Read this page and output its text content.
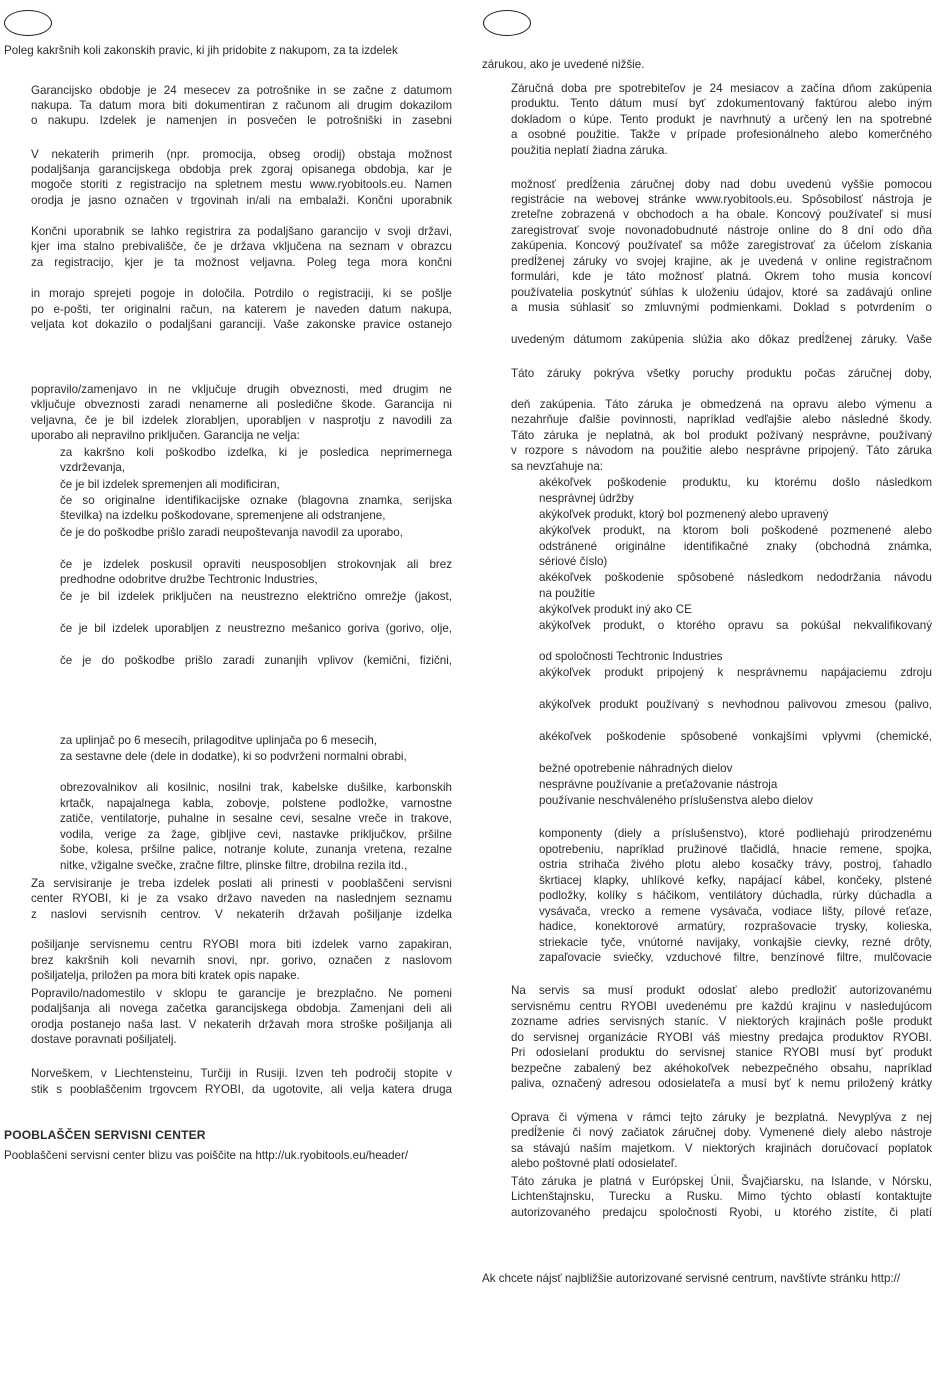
Poleg kakršnih koli zakonskih pravic, ki jih pridobite z nakupom, za ta izdelek
Garancijsko obdobje je 24 mesecev za potrošnike in se začne z datumom
nakupa. Ta datum mora biti dokumentiran z računom ali drugim dokazilom
o nakupu. Izdelek je namenjen in posvečen le potrošniški in zasebni
V nekaterih primerih (npr. promocija, obseg orodij) obstaja možnost
podaljšanja garancijskega obdobja prek zgoraj opisanega obdobja, kar je
mogoče storiti z registracijo na spletnem mestu www.ryobitools.eu. Namen
orodja je jasno označen v trgovinah in/ali na embalaži. Končni uporabnik
Končni uporabnik se lahko registrira za podaljšano garancijo v svoji državi,
kjer ima stalno prebivališče, če je država vključena na seznam v obrazcu
za registracijo, kjer je ta možnost veljavna. Poleg tega mora končni
in morajo sprejeti pogoje in določila. Potrdilo o registraciji, ki se pošlje
po e-pošti, ter originalni račun, na katerem je naveden datum nakupa,
veljata kot dokazilo o podaljšani garanciji. Vaše zakonske pravice ostanejo
popravilo/zamenjavo in ne vključuje drugih obveznosti, med drugim ne
vključuje obveznosti zaradi nenamerne ali posledične škode. Garancija ni
veljavna, če je bil izdelek zlorabljen, uporabljen v nasprotju z navodili za
uporabo ali nepravilno priključen. Garancija ne velja:
za kakršno koli poškodbo izdelka, ki je posledica neprimernega
vzdrževanja,
če je bil izdelek spremenjen ali modificiran,
če so originalne identifikacijske oznake (blagovna znamka, serijska
številka) na izdelku poškodovane, spremenjene ali odstranjene,
če je do poškodbe prišlo zaradi neupoštevanja navodil za uporabo,
če je izdelek poskusil opraviti neusposobljen strokovnjak ali brez
predhodne odobritve družbe Techtronic Industries,
če je bil izdelek priključen na neustrezno električno omrežje (jakost,
če je bil izdelek uporabljen z neustrezno mešanico goriva (gorivo, olje,
če je do poškodbe prišlo zaradi zunanjih vplivov (kemični, fizični,
za uplinjač po 6 mesecih, prilagoditve uplinjača po 6 mesecih,
za sestavne dele (dele in dodatke), ki so podvrženi normalni obrabi,
obrezovalnikov ali kosilnic, nosilni trak, kabelske dušilke, karbonskih
krtačk, napajalnega kabla, zobovje, polstene podložke, varnostne
zatiče, ventilatorje, puhalne in sesalne cevi, sesalne vreče in trakove,
vodila, verige za žage, gibljive cevi, nastavke priključkov, pršilne
šobe, kolesa, pršilne palice, notranje kolute, zunanja vretena, rezalne
nitke, vžigalne svečke, zračne filtre, plinske filtre, drobilna rezila itd.,
Za servisiranje je treba izdelek poslati ali prinesti v pooblaščeni servisni
center RYOBI, ki je za vsako državo naveden na naslednjem seznamu
z naslovi servisnih centrov. V nekaterih državah pošiljanje izdelka
pošiljanje servisnemu centru RYOBI mora biti izdelek varno zapakiran,
brez kakršnih koli nevarnih snovi, npr. gorivo, označen z naslovom
pošiljatelja, priložen pa mora biti kratek opis napake.
Popravilo/nadomestilo v sklopu te garancije je brezplačno. Ne pomeni
podaljšanja ali novega začetka garancijskega obdobja. Zamenjani deli ali
orodja postanejo naša last. V nekaterih državah mora stroške pošiljanja ali
dostave poravnati pošiljatelj.
Norveškem, v Liechtensteinu, Turčiji in Rusiji. Izven teh področij stopite v
stik s pooblaščenim trgovcem RYOBI, da ugotovite, ali velja katera druga
POOBLAŠČEN SERVISNI CENTER
Pooblaščeni servisni center blizu vas poiščite na http://uk.ryobitools.eu/header/
zárukou, ako je uvedené nižšie.
Záručná doba pre spotrebiteľov je 24 mesiacov a začína dňom zakúpenia
produktu. Tento dátum musí byť zdokumentovaný faktúrou alebo iným
dokladom o kúpe. Tento produkt je navrhnutý a určený len na spotrebné
a osobné použitie. Takže v prípade profesionálneho alebo komerčného
použitia neplatí žiadna záruka.
možnosť predĺženia záručnej doby nad dobu uvedenú vyššie pomocou
registrácie na webovej stránke www.ryobitools.eu. Spôsobilosť nástroja je
zreteľne zobrazená v obchodoch a ha obale. Koncový používateľ si musí
zaregistrovať svoje novonadobudnuté nástroje online do 8 dní odo dňa
zakúpenia. Koncový používateľ sa môže zaregistrovať za účelom získania
predĺženej záruky vo svojej krajine, ak je uvedená v online registračnom
formulári, kde je táto možnosť platná. Okrem toho musia koncoví
používatelia poskytnúť súhlas k uloženiu údajov, ktoré sa zadávajú online
a musia súhlasiť so zmluvnými podmienkami. Doklad s potvrdením o
uvedeným dátumom zakúpenia slúžia ako dôkaz predĺženej záruky. Vaše
Táto záruky pokrýva všetky poruchy produktu počas záručnej doby,
deň zakúpenia. Táto záruka je obmedzená na opravu alebo výmenu a
nezahrňuje ďalšie povinnosti, napríklad vedľajšie alebo následné škody.
Táto záruka je neplatná, ak bol produkt požívaný nesprávne, používaný
v rozpore s návodom na použitie alebo nesprávne pripojený. Táto záruka
sa nevzťahuje na:
akékoľvek poškodenie produktu, ku ktorému došlo následkom
nesprávnej údržby
akýkoľvek produkt, ktorý bol pozmenený alebo upravený
akýkoľvek produkt, na ktorom boli poškodené pozmenené alebo
odstránené originálne identifikačné znaky (obchodná známka,
sériové číslo)
akékoľvek poškodenie spôsobené následkom nedodržania návodu
na použitie
akýkoľvek produkt iný ako CE
akýkoľvek produkt, o ktorého opravu sa pokúšal nekvalifikovaný
od spoločnosti Techtronic Industries
akýkoľvek produkt pripojený k nesprávnemu napájaciemu zdroju
akýkoľvek produkt používaný s nevhodnou palivovou zmesou (palivo,
akékoľvek poškodenie spôsobené vonkajšími vplyvmi (chemické,
bežné opotrebenie náhradných dielov
nesprávne používanie a preťažovanie nástroja
používanie neschváleného príslušenstva alebo dielov
komponenty (diely a príslušenstvo), ktoré podliehajú prirodzenému
opotrebeniu, napríklad pružinové tlačidlá, hnacie remene, spojka,
ostria strihača živého plotu alebo kosačky trávy, postroj, ťahadlo
škrtiacej klapky, uhlíkové kefky, napájací kábel, končeky, plstené
podložky, kolíky s háčikom, ventilátory dúchadla, rúrky dúchadla a
vysávača, vrecko a remene vysávača, vodiace lišty, pílové reťaze,
hadice, konektorové armatúry, rozprašovacie trysky, kolieska,
striekacie tyče, vnútorné navijaky, vonkajšie cievky, rezné drôty,
zapaľovacie sviečky, vzduchové filtre, benzínové filtre, mulčovacie
Na servis sa musí produkt odoslať alebo predložiť autorizovanému
servisnému centru RYOBI uvedenému pre každú krajinu v nasledujúcom
zozname adries servisných staníc. V niektorých krajinách pošle produkt
do servisnej organizácie RYOBI váš miestny predajca produktov RYOBI.
Pri odosielaní produktu do servisnej stanice RYOBI musí byť produkt
bezpečne zabalený bez akéhokoľvek nebezpečného obsahu, napríklad
paliva, označený adresou odosielateľa a musí byť k nemu priložený krátky
Oprava či výmena v rámci tejto záruky je bezplatná. Nevyplýva z nej
predĺženie či nový začiatok záručnej doby. Vymenené diely alebo nástroje
sa stávajú naším majetkom. V niektorých krajinách doručovací poplatok
alebo poštovné platí odosielateľ.
Táto záruka je platná v Európskej Únii, Švajčiarsku, na Islande, v Nórsku,
Lichtenštajnsku, Turecku a Rusku. Mimo týchto oblastí kontaktujte
autorizovaného predajcu spoločnosti Ryobi, u ktorého zistíte, či platí
Ak chcete nájsť najbližšie autorizované servisné centrum, navštívte stránku http://
